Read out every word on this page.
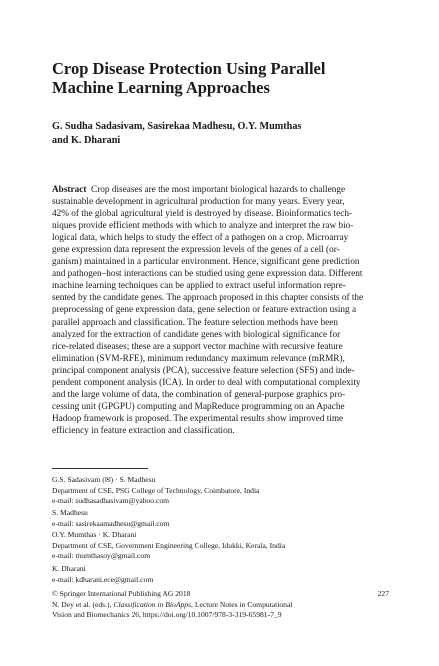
Crop Disease Protection Using Parallel
Machine Learning Approaches
G. Sudha Sadasivam, Sasirekaa Madhesu, O.Y. Mumthas
and K. Dharani
Abstract Crop diseases are the most important biological hazards to challenge
sustainable development in agricultural production for many years. Every year,
42% of the global agricultural yield is destroyed by disease. Bioinformatics tech-
niques provide efficient methods with which to analyze and interpret the raw bio-
logical data, which helps to study the effect of a pathogen on a crop. Microarray
gene expression data represent the expression levels of the genes of a cell (or-
ganism) maintained in a particular environment. Hence, significant gene prediction
and pathogen–host interactions can be studied using gene expression data. Different
machine learning techniques can be applied to extract useful information repre-
sented by the candidate genes. The approach proposed in this chapter consists of the
preprocessing of gene expression data, gene selection or feature extraction using a
parallel approach and classification. The feature selection methods have been
analyzed for the extraction of candidate genes with biological significance for
rice-related diseases; these are a support vector machine with recursive feature
elimination (SVM-RFE), minimum redundancy maximum relevance (mRMR),
principal component analysis (PCA), successive feature selection (SFS) and inde-
pendent component analysis (ICA). In order to deal with computational complexity
and the large volume of data, the combination of general-purpose graphics pro-
cessing unit (GPGPU) computing and MapReduce programming on an Apache
Hadoop framework is proposed. The experimental results show improved time
efficiency in feature extraction and classification.
G.S. Sadasivam (✉) · S. Madhesu
Department of CSE, PSG College of Technology, Coimbatore, India
e-mail: sudhasadhasivam@yahoo.com
S. Madhesu
e-mail: sasirekaamadhesu@gmail.com
O.Y. Mumthas · K. Dharani
Department of CSE, Government Engineering College, Idukki, Kerala, India
e-mail: mumthasoy@gmail.com
K. Dharani
e-mail: kdharani.ece@gmail.com
© Springer International Publishing AG 2018	227
N. Dey et al. (eds.), Classification in BioApps, Lecture Notes in Computational
Vision and Biomechanics 26, https://doi.org/10.1007/978-3-319-65981-7_9
